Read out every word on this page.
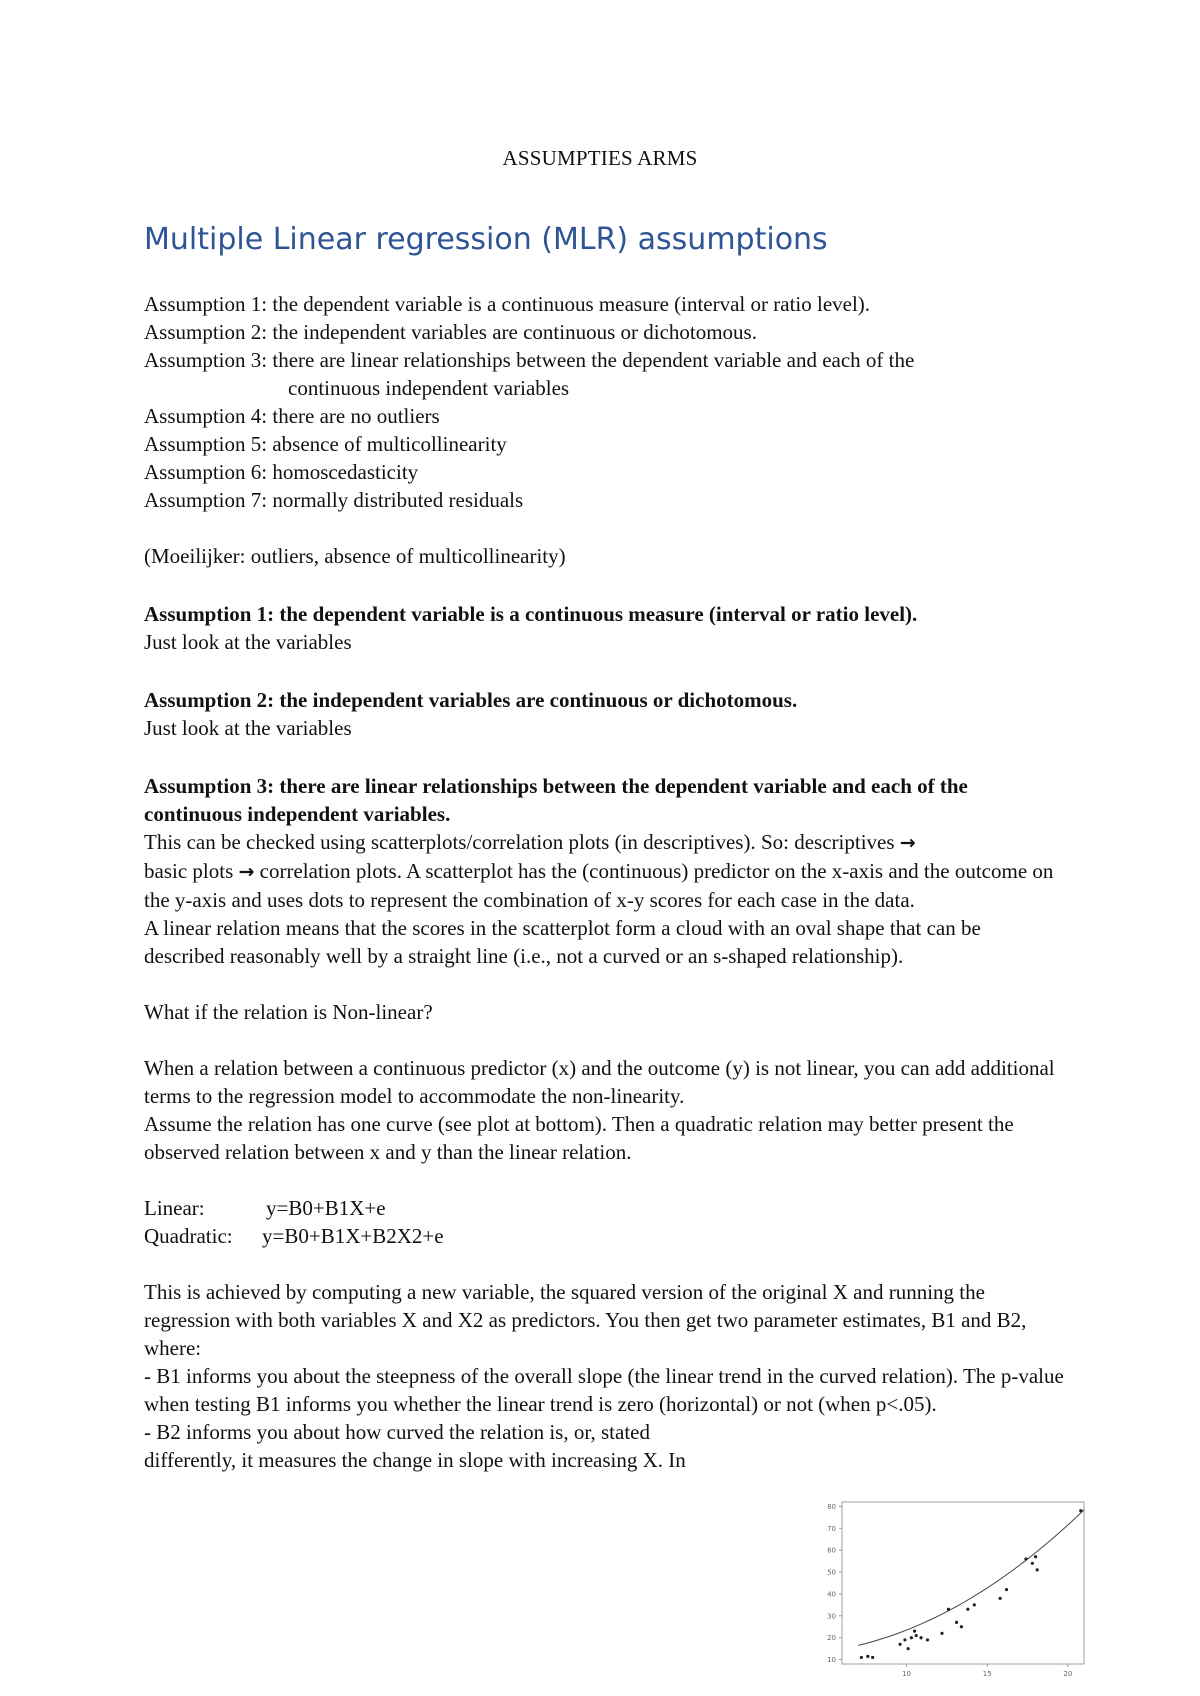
ASSUMPTIES ARMS
Multiple Linear regression (MLR) assumptions
Assumption 1: the dependent variable is a continuous measure (interval or ratio level).
Assumption 2: the independent variables are continuous or dichotomous.
Assumption 3: there are linear relationships between the dependent variable and each of the
continuous independent variables
Assumption 4: there are no outliers
Assumption 5: absence of multicollinearity
Assumption 6: homoscedasticity
Assumption 7: normally distributed residuals

(Moeilijker: outliers, absence of multicollinearity)

Assumption 1: the dependent variable is a continuous measure (interval or ratio level).

Just look at the variables

Assumption 2: the independent variables are continuous or dichotomous.

Just look at the variables

Assumption 3: there are linear relationships between the dependent variable and each of the continuous independent variables.

This can be checked using scatterplots/correlation plots (in descriptives). So: descriptives →
basic plots → correlation plots. A scatterplot has the (continuous) predictor on the x-axis and the outcome on the y-axis and uses dots to represent the combination of x-y scores for each case in the data.

A linear relation means that the scores in the scatterplot form a cloud with an oval shape that can be described reasonably well by a straight line (i.e., not a curved or an s-shaped relationship).

What if the relation is Non-linear?

When a relation between a continuous predictor (x) and the outcome (y) is not linear, you can add additional terms to the regression model to accommodate the non-linearity.

Assume the relation has one curve (see plot at bottom). Then a quadratic relation may better present the observed relation between x and y than the linear relation.

Linear:	y=B0+B1X+e
Quadratic:	y=B0+B1X+B2X2+e

This is achieved by computing a new variable, the squared version of the original X and running the regression with both variables X and X2 as predictors. You then get two parameter estimates, B1 and B2, where:

- B1 informs you about the steepness of the overall slope (the linear trend in the curved relation). The p-value when testing B1 informs you whether the linear trend is zero (horizontal) or not (when p<.05).

- B2 informs you about how curved the relation is, or, stated
differently, it measures the change in slope with increasing X. In

80
70
60
50
40
30
20
10
10	15	20
